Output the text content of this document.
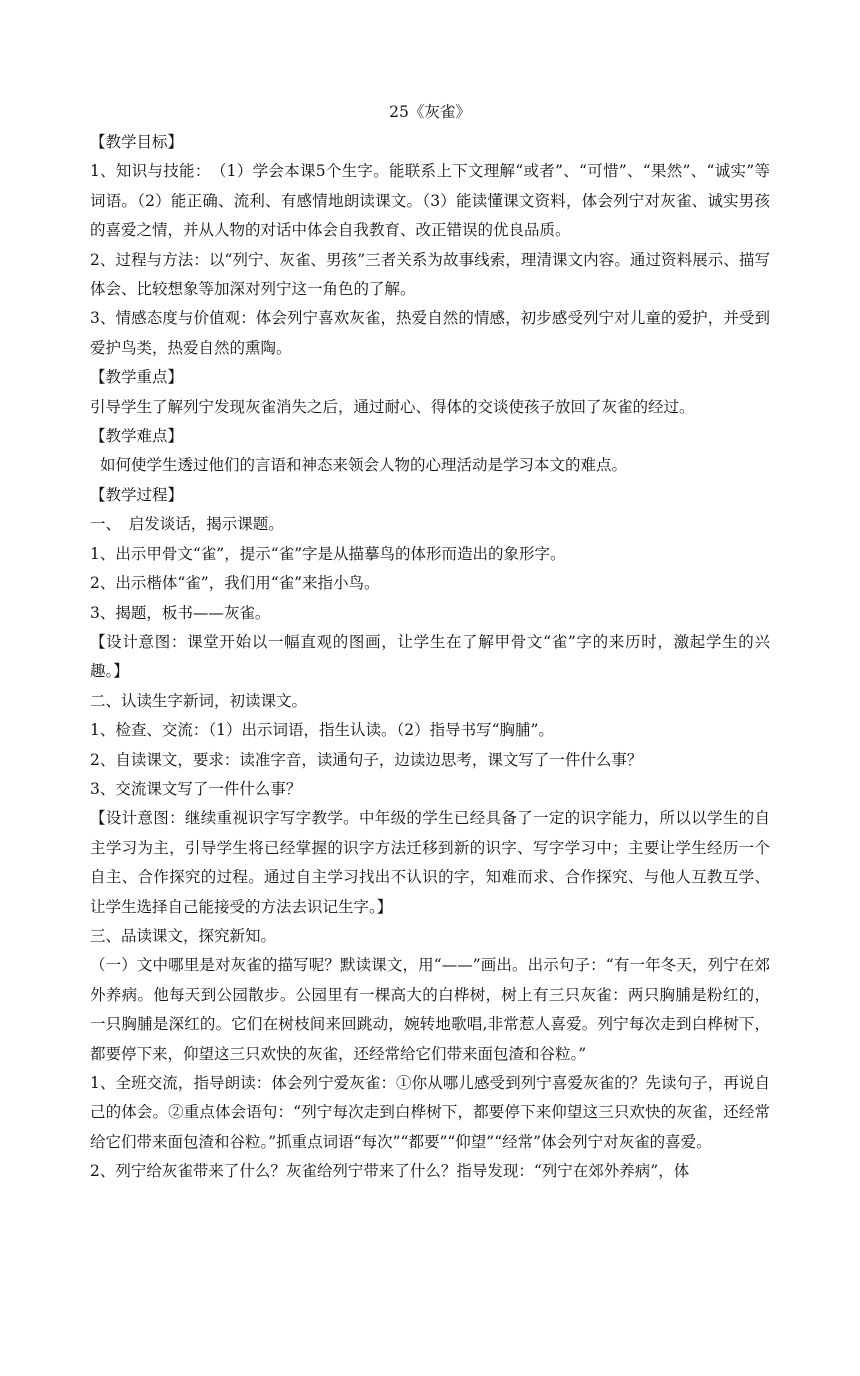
25《灰雀》

【教学目标】

1、知识与技能：　（1）学会本课5个生字。能联系上下文理解“或者”、“可惜”、“果然”、“诚实”等词语。（2）能正确、流利、有感情地朗读课文。（3）能读懂课文资料，体会列宁对灰雀、诚实男孩的喜爱之情，并从人物的对话中体会自我教育、改正错误的优良品质。

2、过程与方法：以“列宁、灰雀、男孩”三者关系为故事线索，理清课文内容。通过资料展示、描写体会、比较想象等加深对列宁这一角色的了解。

3、情感态度与价值观：体会列宁喜欢灰雀，热爱自然的情感，初步感受列宁对儿童的爱护，并受到爱护鸟类，热爱自然的熏陶。

【教学重点】

引导学生了解列宁发现灰雀消失之后，通过耐心、得体的交谈使孩子放回了灰雀的经过。

【教学难点】

如何使学生透过他们的言语和神态来领会人物的心理活动是学习本文的难点。

【教学过程】

一、　启发谈话，揭示课题。

1、出示甲骨文“雀”，提示“雀”字是从描摹鸟的体形而造出的象形字。

2、出示楷体“雀”，我们用“雀”来指小鸟。

3、揭题，板书——灰雀。

【设计意图：课堂开始以一幅直观的图画，让学生在了解甲骨文“雀”字的来历时，激起学生的兴趣。】

二、认读生字新词，初读课文。

1、检查、交流：（1）出示词语，指生认读。（2）指导书写“胸脯”。

2、自读课文，要求：读准字音，读通句子，边读边思考，课文写了一件什么事？

3、交流课文写了一件什么事？

【设计意图：继续重视识字写字教学。中年级的学生已经具备了一定的识字能力，所以以学生的自主学习为主，引导学生将已经掌握的识字方法迁移到新的识字、写字学习中；主要让学生经历一个自主、合作探究的过程。通过自主学习找出不认识的字，知难而求、合作探究、与他人互教互学、让学生选择自己能接受的方法去识记生字。】

三、品读课文，探究新知。

（一）文中哪里是对灰雀的描写呢？默读课文，用“——”画出。出示句子：“有一年冬天，列宁在郊外养病。他每天到公园散步。公园里有一棵高大的白桦树，树上有三只灰雀：两只胸脯是粉红的，一只胸脯是深红的。它们在树枝间来回跳动，婉转地歌唱,非常惹人喜爱。列宁每次走到白桦树下，都要停下来，仰望这三只欢快的灰雀，还经常给它们带来面包渣和谷粒。”

1、全班交流，指导朗读：体会列宁爱灰雀：①你从哪儿感受到列宁喜爱灰雀的？先读句子，再说自己的体会。②重点体会语句：“列宁每次走到白桦树下，都要停下来仰望这三只欢快的灰雀，还经常给它们带来面包渣和谷粒。”抓重点词语“每次”“都要”“仰望”“经常”体会列宁对灰雀的喜爱。

2、列宁给灰雀带来了什么？灰雀给列宁带来了什么？指导发现：“列宁在郊外养病”，体
